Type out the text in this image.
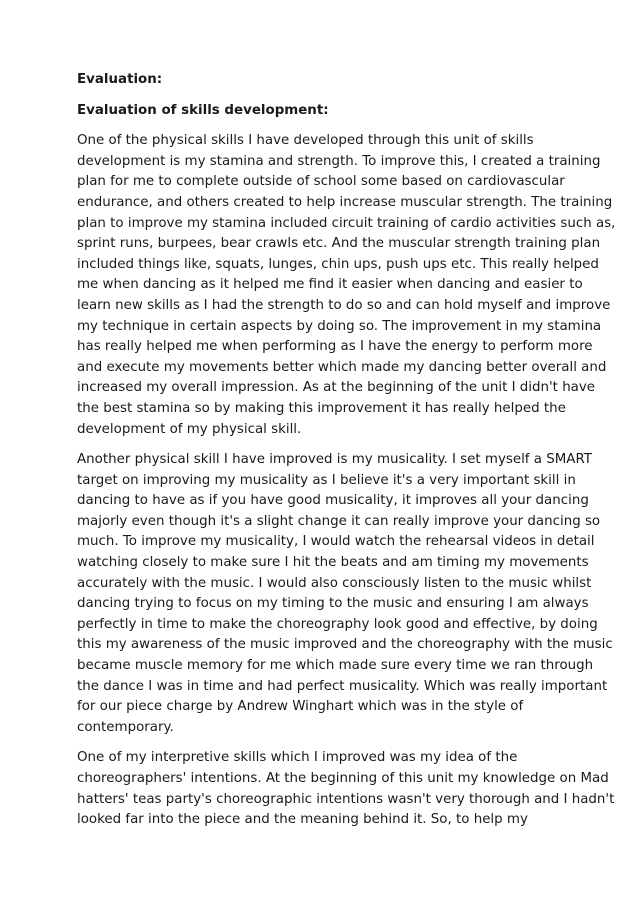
Evaluation:
Evaluation of skills development:
One of the physical skills I have developed through this unit of skills
development is my stamina and strength. To improve this, I created a training
plan for me to complete outside of school some based on cardiovascular
endurance, and others created to help increase muscular strength. The training
plan to improve my stamina included circuit training of cardio activities such as,
sprint runs, burpees, bear crawls etc. And the muscular strength training plan
included things like, squats, lunges, chin ups, push ups etc. This really helped
me when dancing as it helped me find it easier when dancing and easier to
learn new skills as I had the strength to do so and can hold myself and improve
my technique in certain aspects by doing so. The improvement in my stamina
has really helped me when performing as I have the energy to perform more
and execute my movements better which made my dancing better overall and
increased my overall impression. As at the beginning of the unit I didn't have
the best stamina so by making this improvement it has really helped the
development of my physical skill.
Another physical skill I have improved is my musicality. I set myself a SMART
target on improving my musicality as I believe it's a very important skill in
dancing to have as if you have good musicality, it improves all your dancing
majorly even though it's a slight change it can really improve your dancing so
much. To improve my musicality, I would watch the rehearsal videos in detail
watching closely to make sure I hit the beats and am timing my movements
accurately with the music. I would also consciously listen to the music whilst
dancing trying to focus on my timing to the music and ensuring I am always
perfectly in time to make the choreography look good and effective, by doing
this my awareness of the music improved and the choreography with the music
became muscle memory for me which made sure every time we ran through
the dance I was in time and had perfect musicality. Which was really important
for our piece charge by Andrew Winghart which was in the style of
contemporary.
One of my interpretive skills which I improved was my idea of the
choreographers' intentions. At the beginning of this unit my knowledge on Mad
hatters' teas party's choreographic intentions wasn't very thorough and I hadn't
looked far into the piece and the meaning behind it. So, to help my
